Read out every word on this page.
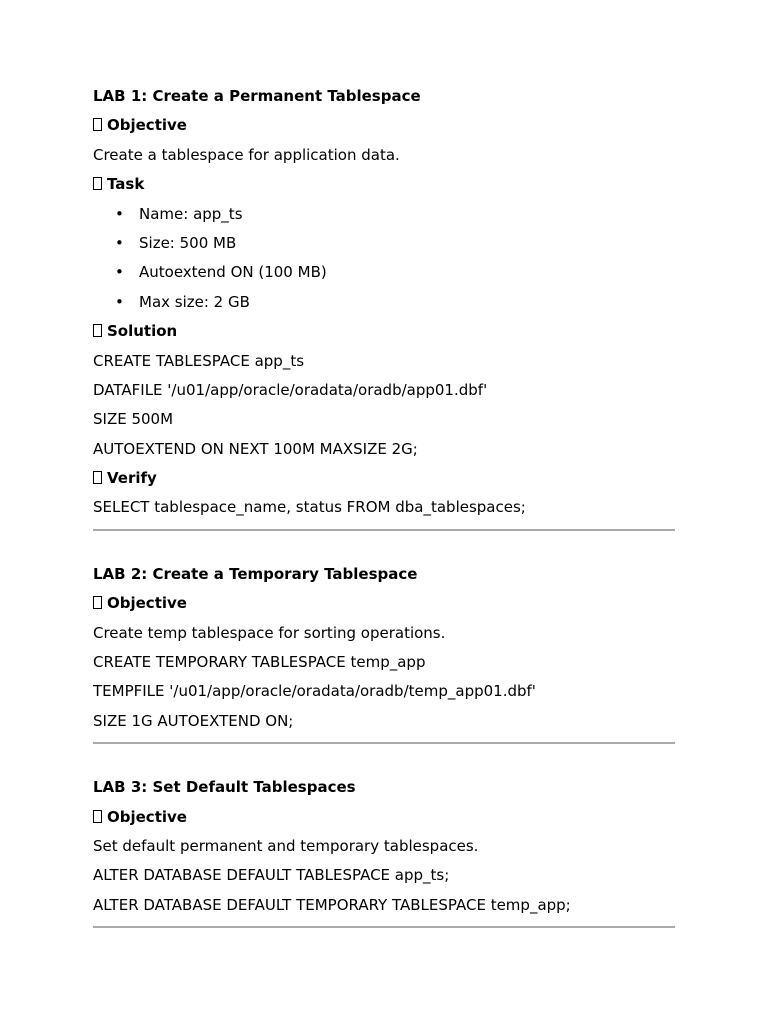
LAB 1: Create a Permanent Tablespace
Objective
Create a tablespace for application data.
Task
• Name: app_ts
• Size: 500 MB
• Autoextend ON (100 MB)
• Max size: 2 GB
Solution
CREATE TABLESPACE app_ts
DATAFILE '/u01/app/oracle/oradata/oradb/app01.dbf'
SIZE 500M
AUTOEXTEND ON NEXT 100M MAXSIZE 2G;
Verify
SELECT tablespace_name, status FROM dba_tablespaces;
LAB 2: Create a Temporary Tablespace
Objective
Create temp tablespace for sorting operations.
CREATE TEMPORARY TABLESPACE temp_app
TEMPFILE '/u01/app/oracle/oradata/oradb/temp_app01.dbf'
SIZE 1G AUTOEXTEND ON;
LAB 3: Set Default Tablespaces
Objective
Set default permanent and temporary tablespaces.
ALTER DATABASE DEFAULT TABLESPACE app_ts;
ALTER DATABASE DEFAULT TEMPORARY TABLESPACE temp_app;
